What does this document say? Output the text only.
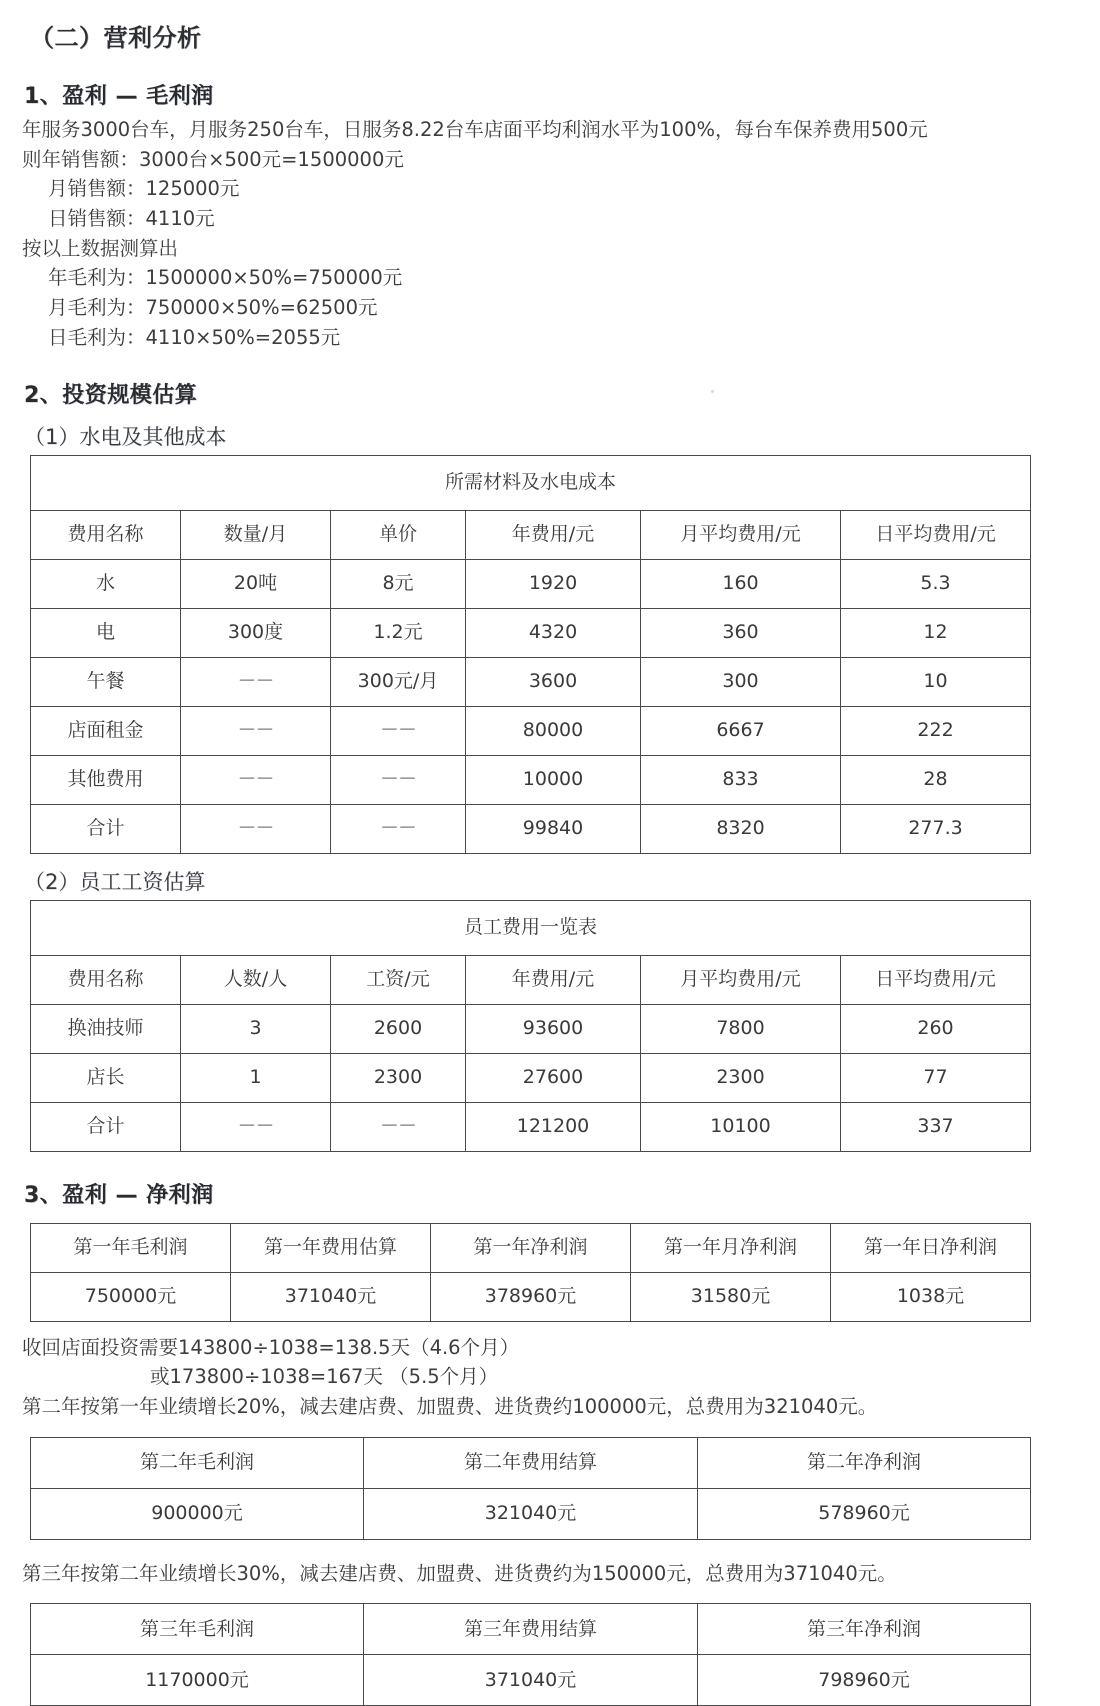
（二）营利分析
1、盈利 — 毛利润
年服务3000台车，月服务250台车，日服务8.22台车店面平均利润水平为100%，每台车保养费用500元
则年销售额：3000台×500元=1500000元
月销售额：125000元
日销售额：4110元
按以上数据测算出
年毛利为：1500000×50%=750000元
月毛利为：750000×50%=62500元
日毛利为：4110×50%=2055元
2、投资规模估算
（1）水电及其他成本
所需材料及水电成本					
费用名称	数量/月	单价	年费用/元	月平均费用/元	日平均费用/元
水	20吨	8元	1920	160	5.3
电	300度	1.2元	4320	360	12
午餐	－－	300元/月	3600	300	10
店面租金	－－	－－	80000	6667	222
其他费用	－－	－－	10000	833	28
合计	－－	－－	99840	8320	277.3
（2）员工工资估算
员工费用一览表					
费用名称	人数/人	工资/元	年费用/元	月平均费用/元	日平均费用/元
换油技师	3	2600	93600	7800	260
店长	1	2300	27600	2300	77
合计	－－	－－	121200	10100	337
3、盈利 — 净利润
第一年毛利润	第一年费用估算	第一年净利润	第一年月净利润	第一年日净利润
750000元	371040元	378960元	31580元	1038元
收回店面投资需要143800÷1038=138.5天（4.6个月）
或173800÷1038=167天 （5.5个月）
第二年按第一年业绩增长20%，减去建店费、加盟费、进货费约100000元，总费用为321040元。
第二年毛利润	第二年费用结算	第二年净利润
900000元	321040元	578960元
第三年按第二年业绩增长30%，减去建店费、加盟费、进货费约为150000元，总费用为371040元。
第三年毛利润	第三年费用结算	第三年净利润
1170000元	371040元	798960元
